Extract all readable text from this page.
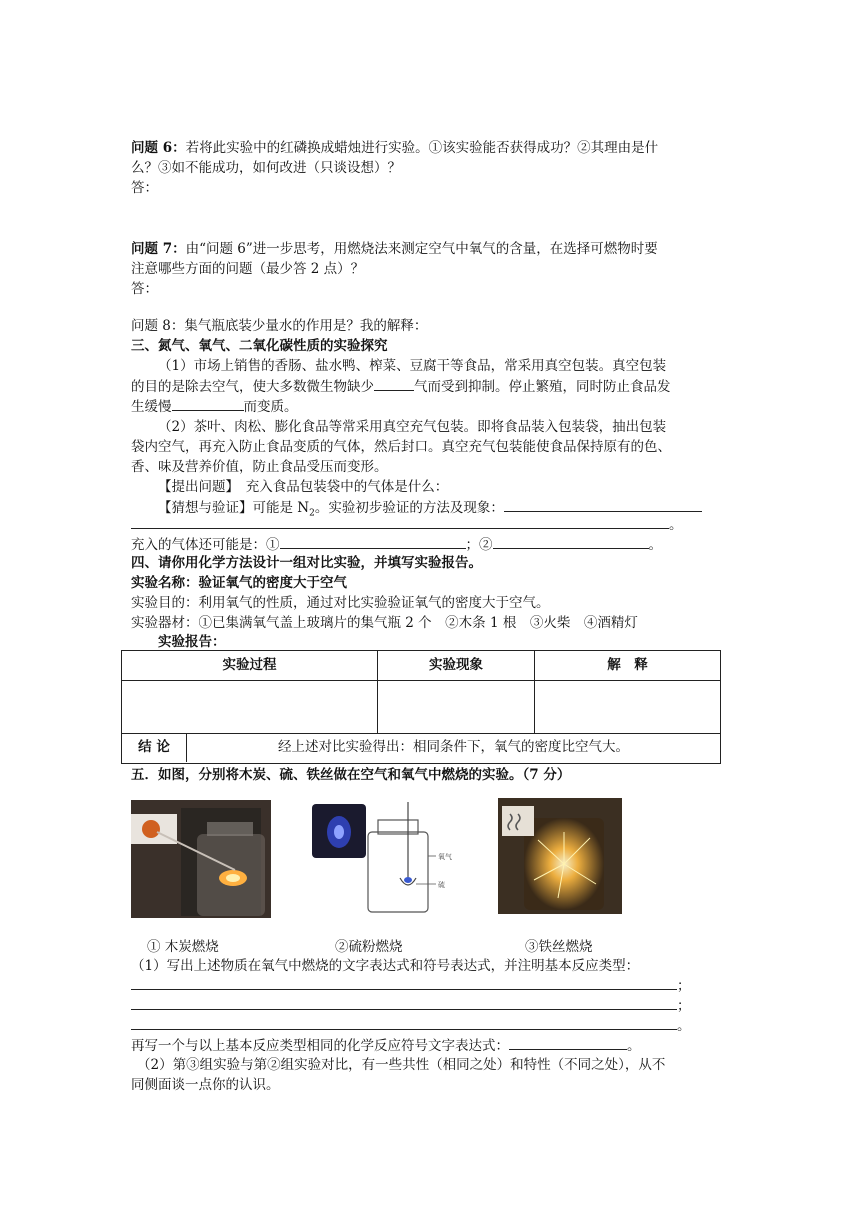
问题 6：若将此实验中的红磷换成蜡烛进行实验。①该实验能否获得成功？②其理由是什
么？③如不能成功，如何改进（只谈设想）？
答：
问题 7：由“问题 6”进一步思考，用燃烧法来测定空气中氧气的含量，在选择可燃物时要
注意哪些方面的问题（最少答 2 点）？
答：
问题 8：集气瓶底装少量水的作用是？我的解释：
三、氮气、氧气、二氧化碳性质的实验探究
（1）市场上销售的香肠、盐水鸭、榨菜、豆腐干等食品，常采用真空包装。真空包装
的目的是除去空气，使大多数微生物缺少	气而受到抑制。停止繁殖，同时防止食品发
生缓慢	而变质。
（2）茶叶、肉松、膨化食品等常采用真空充气包装。即将食品装入包装袋，抽出包装
袋内空气，再充入防止食品变质的气体，然后封口。真空充气包装能使食品保持原有的色、
香、味及营养价值，防止食品受压而变形。
【提出问题】　充入食品包装袋中的气体是什么：
【猜想与验证】可能是 $N_2$。实验初步验证的方法及现象：
。
充入的气体还可能是：①	；②	。
四、请你用化学方法设计一组对比实验，并填写实验报告。
实验名称：验证氧气的密度大于空气
实验目的：利用氧气的性质，通过对比实验验证氧气的密度大于空气。
实验器材：①已集满氧气盖上玻璃片的集气瓶 2 个　②木条 1 根　③火柴　④酒精灯
实验报告：
实验过程	实验现象	解　释
结 论	经上述对比实验得出：相同条件下，氧气的密度比空气大。
五．如图，分别将木炭、硫、铁丝做在空气和氧气中燃烧的实验。（7 分）
氧气
硫
① 木炭燃烧	②硫粉燃烧	③铁丝燃烧
（1）写出上述物质在氧气中燃烧的文字表达式和符号表达式，并注明基本反应类型：
；
；
。
再写一个与以上基本反应类型相同的化学反应符号文字表达式：	。
（2）第③组实验与第②组实验对比，有一些共性（相同之处）和特性（不同之处），从不
同侧面谈一点你的认识。
